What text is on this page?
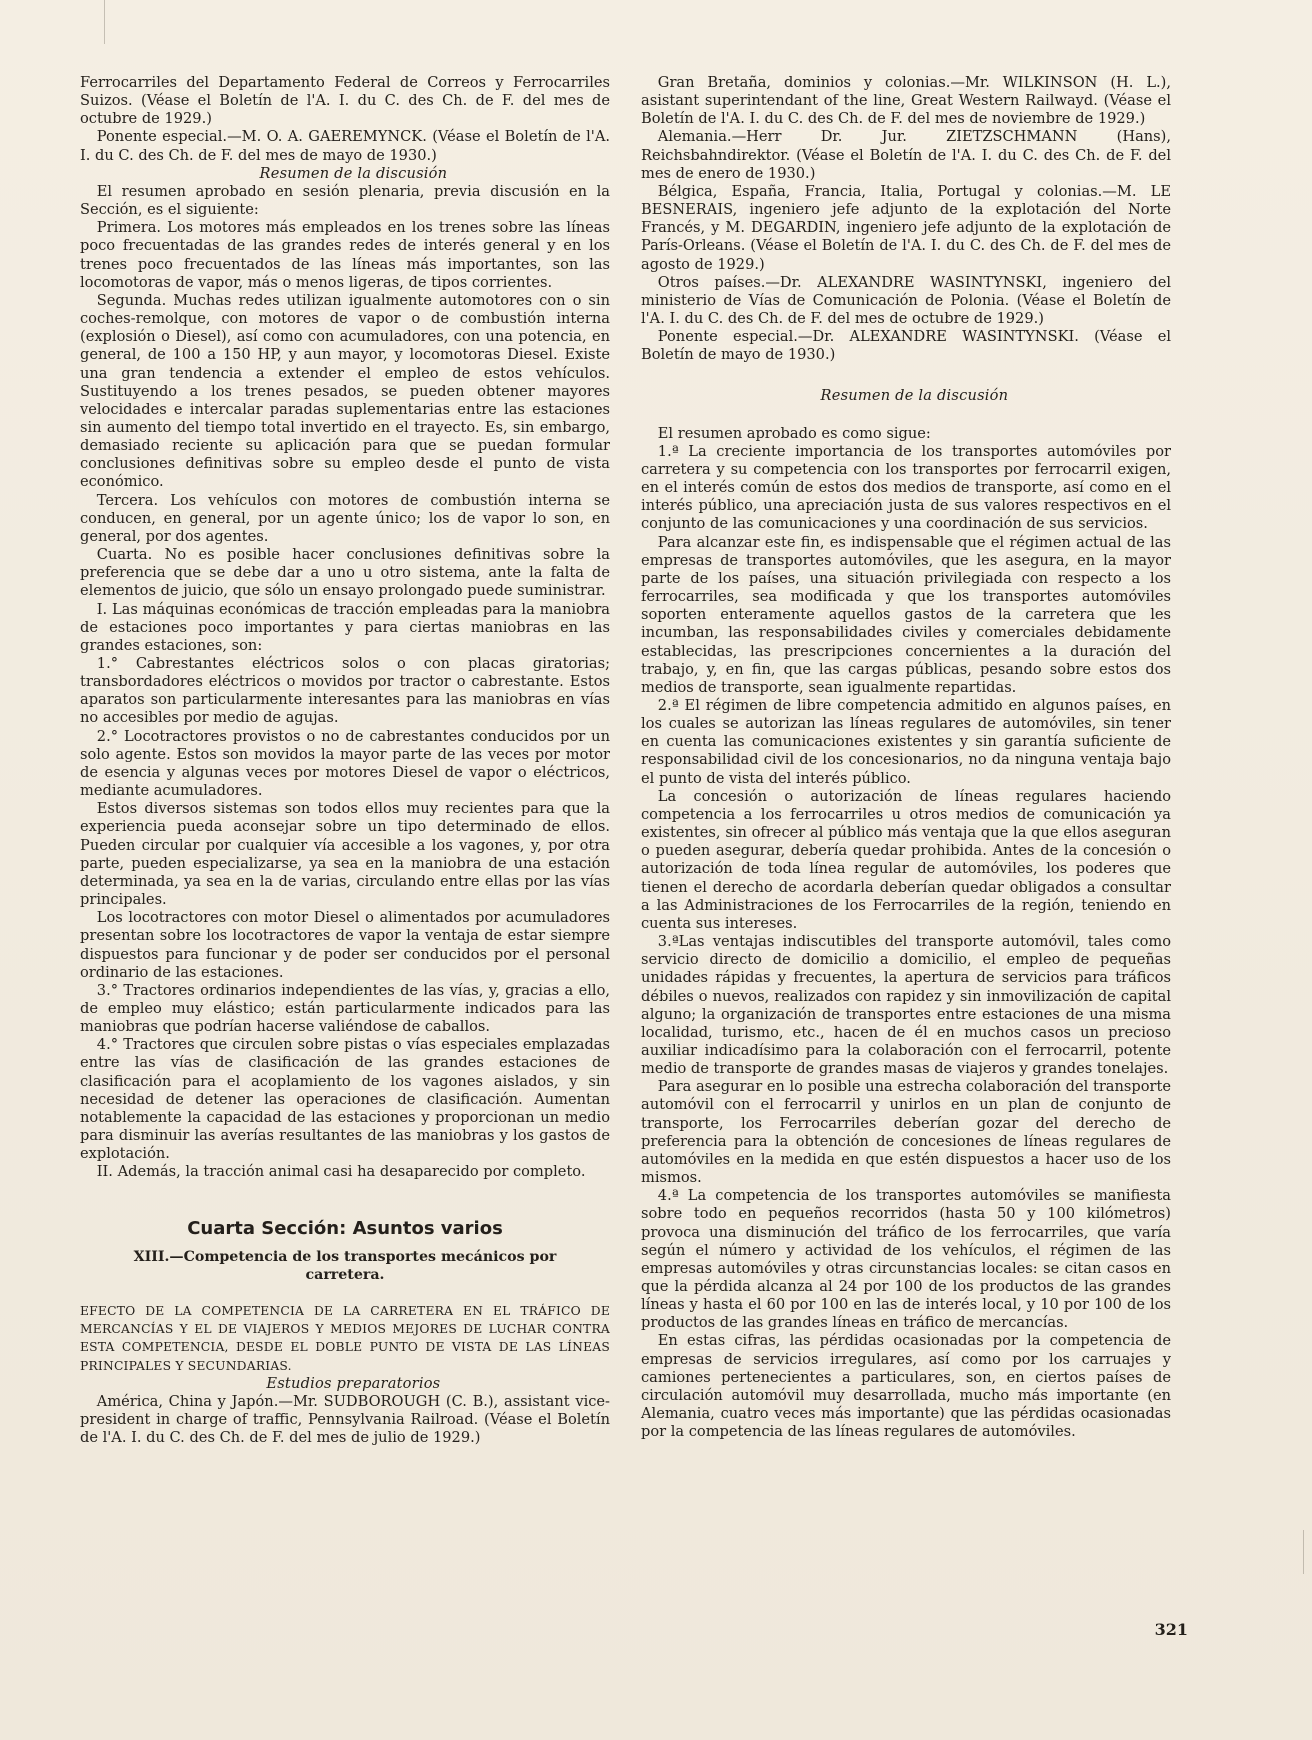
Ferrocarriles del Departamento Federal de Correos y Ferrocarriles Suizos. (Véase el Boletín de l'A. I. du C. des Ch. de F. del mes de octubre de 1929.)

Ponente especial.—M. O. A. GAEREMYNCK. (Véase el Boletín de l'A. I. du C. des Ch. de F. del mes de mayo de 1930.)

Resumen de la discusión

El resumen aprobado en sesión plenaria, previa discusión en la Sección, es el siguiente:

Primera. Los motores más empleados en los trenes sobre las líneas poco frecuentadas de las grandes redes de interés general y en los trenes poco frecuentados de las líneas más importantes, son las locomotoras de vapor, más o menos ligeras, de tipos corrientes.

Segunda. Muchas redes utilizan igualmente automotores con o sin coches-remolque, con motores de vapor o de combustión interna (explosión o Diesel), así como con acumuladores, con una potencia, en general, de 100 a 150 HP, y aun mayor, y locomotoras Diesel. Existe una gran tendencia a extender el empleo de estos vehículos. Sustituyendo a los trenes pesados, se pueden obtener mayores velocidades e intercalar paradas suplementarias entre las estaciones sin aumento del tiempo total invertido en el trayecto. Es, sin embargo, demasiado reciente su aplicación para que se puedan formular conclusiones definitivas sobre su empleo desde el punto de vista económico.

Tercera. Los vehículos con motores de combustión interna se conducen, en general, por un agente único; los de vapor lo son, en general, por dos agentes.

Cuarta. No es posible hacer conclusiones definitivas sobre la preferencia que se debe dar a uno u otro sistema, ante la falta de elementos de juicio, que sólo un ensayo prolongado puede suministrar.

I. Las máquinas económicas de tracción empleadas para la maniobra de estaciones poco importantes y para ciertas maniobras en las grandes estaciones, son:

1.° Cabrestantes eléctricos solos o con placas giratorias; transbordadores eléctricos o movidos por tractor o cabrestante. Estos aparatos son particularmente interesantes para las maniobras en vías no accesibles por medio de agujas.

2.° Locotractores provistos o no de cabrestantes conducidos por un solo agente. Estos son movidos la mayor parte de las veces por motor de esencia y algunas veces por motores Diesel de vapor o eléctricos, mediante acumuladores.

Estos diversos sistemas son todos ellos muy recientes para que la experiencia pueda aconsejar sobre un tipo determinado de ellos. Pueden circular por cualquier vía accesible a los vagones, y, por otra parte, pueden especializarse, ya sea en la maniobra de una estación determinada, ya sea en la de varias, circulando entre ellas por las vías principales.

Los locotractores con motor Diesel o alimentados por acumuladores presentan sobre los locotractores de vapor la ventaja de estar siempre dispuestos para funcionar y de poder ser conducidos por el personal ordinario de las estaciones.

3.° Tractores ordinarios independientes de las vías, y, gracias a ello, de empleo muy elástico; están particularmente indicados para las maniobras que podrían hacerse valiéndose de caballos.

4.° Tractores que circulen sobre pistas o vías especiales emplazadas entre las vías de clasificación de las grandes estaciones de clasificación para el acoplamiento de los vagones aislados, y sin necesidad de detener las operaciones de clasificación. Aumentan notablemente la capacidad de las estaciones y proporcionan un medio para disminuir las averías resultantes de las maniobras y los gastos de explotación.

II. Además, la tracción animal casi ha desaparecido por completo.

Cuarta Sección: Asuntos varios
XIII.—Competencia de los transportes mecánicos por carretera.

EFECTO DE LA COMPETENCIA DE LA CARRETERA EN EL TRÁFICO DE MERCANCÍAS Y EL DE VIAJEROS Y MEDIOS MEJORES DE LUCHAR CONTRA ESTA COMPETENCIA, DESDE EL DOBLE PUNTO DE VISTA DE LAS LÍNEAS PRINCIPALES Y SECUNDARIAS.

Estudios preparatorios

América, China y Japón.—Mr. SUDBOROUGH (C. B.), assistant vice-president in charge of traffic, Pennsylvania Railroad. (Véase el Boletín de l'A. I. du C. des Ch. de F. del mes de julio de 1929.)

Gran Bretaña, dominios y colonias.—Mr. WILKINSON (H. L.), asistant superintendant of the line, Great Western Railwayd. (Véase el Boletín de l'A. I. du C. des Ch. de F. del mes de noviembre de 1929.)

Alemania.—Herr Dr. Jur. ZIETZSCHMANN (Hans), Reichsbahndirektor. (Véase el Boletín de l'A. I. du C. des Ch. de F. del mes de enero de 1930.)

Bélgica, España, Francia, Italia, Portugal y colonias.—M. LE BESNERAIS, ingeniero jefe adjunto de la explotación del Norte Francés, y M. DEGARDIN, ingeniero jefe adjunto de la explotación de París-Orleans. (Véase el Boletín de l'A. I. du C. des Ch. de F. del mes de agosto de 1929.)

Otros países.—Dr. ALEXANDRE WASINTYNSKI, ingeniero del ministerio de Vías de Comunicación de Polonia. (Véase el Boletín de l'A. I. du C. des Ch. de F. del mes de octubre de 1929.)

Ponente especial.—Dr. ALEXANDRE WASINTYNSKI. (Véase el Boletín de mayo de 1930.)

Resumen de la discusión

El resumen aprobado es como sigue:

1.ª La creciente importancia de los transportes automóviles por carretera y su competencia con los transportes por ferrocarril exigen, en el interés común de estos dos medios de transporte, así como en el interés público, una apreciación justa de sus valores respectivos en el conjunto de las comunicaciones y una coordinación de sus servicios.

Para alcanzar este fin, es indispensable que el régimen actual de las empresas de transportes automóviles, que les asegura, en la mayor parte de los países, una situación privilegiada con respecto a los ferrocarriles, sea modificada y que los transportes automóviles soporten enteramente aquellos gastos de la carretera que les incumban, las responsabilidades civiles y comerciales debidamente establecidas, las prescripciones concernientes a la duración del trabajo, y, en fin, que las cargas públicas, pesando sobre estos dos medios de transporte, sean igualmente repartidas.

2.ª El régimen de libre competencia admitido en algunos países, en los cuales se autorizan las líneas regulares de automóviles, sin tener en cuenta las comunicaciones existentes y sin garantía suficiente de responsabilidad civil de los concesionarios, no da ninguna ventaja bajo el punto de vista del interés público.

La concesión o autorización de líneas regulares haciendo competencia a los ferrocarriles u otros medios de comunicación ya existentes, sin ofrecer al público más ventaja que la que ellos aseguran o pueden asegurar, debería quedar prohibida. Antes de la concesión o autorización de toda línea regular de automóviles, los poderes que tienen el derecho de acordarla deberían quedar obligados a consultar a las Administraciones de los Ferrocarriles de la región, teniendo en cuenta sus intereses.

3.ªLas ventajas indiscutibles del transporte automóvil, tales como servicio directo de domicilio a domicilio, el empleo de pequeñas unidades rápidas y frecuentes, la apertura de servicios para tráficos débiles o nuevos, realizados con rapidez y sin inmovilización de capital alguno; la organización de transportes entre estaciones de una misma localidad, turismo, etc., hacen de él en muchos casos un precioso auxiliar indicadísimo para la colaboración con el ferrocarril, potente medio de transporte de grandes masas de viajeros y grandes tonelajes.

Para asegurar en lo posible una estrecha colaboración del transporte automóvil con el ferrocarril y unirlos en un plan de conjunto de transporte, los Ferrocarriles deberían gozar del derecho de preferencia para la obtención de concesiones de líneas regulares de automóviles en la medida en que estén dispuestos a hacer uso de los mismos.

4.ª La competencia de los transportes automóviles se manifiesta sobre todo en pequeños recorridos (hasta 50 y 100 kilómetros) provoca una disminución del tráfico de los ferrocarriles, que varía según el número y actividad de los vehículos, el régimen de las empresas automóviles y otras circunstancias locales: se citan casos en que la pérdida alcanza al 24 por 100 de los productos de las grandes líneas y hasta el 60 por 100 en las de interés local, y 10 por 100 de los productos de las grandes líneas en tráfico de mercancías.

En estas cifras, las pérdidas ocasionadas por la competencia de empresas de servicios irregulares, así como por los carruajes y camiones pertenecientes a particulares, son, en ciertos países de circulación automóvil muy desarrollada, mucho más importante (en Alemania, cuatro veces más importante) que las pérdidas ocasionadas por la competencia de las líneas regulares de automóviles.

321
